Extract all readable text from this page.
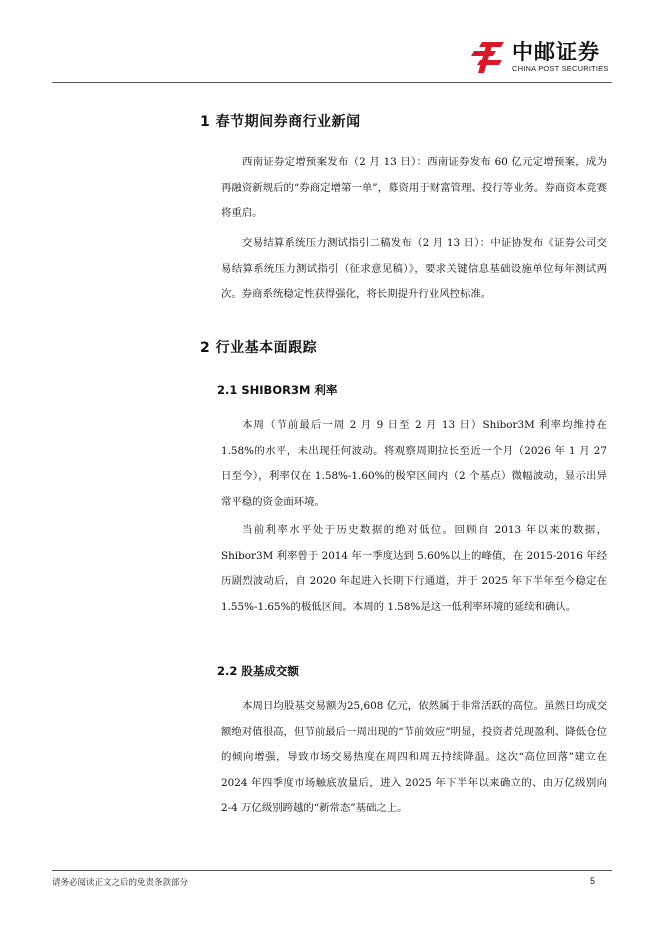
中邮证券
CHINA POST SECURITIES
1 春节期间券商行业新闻
西南证券定增预案发布（2 月 13 日）：西南证券发布 60 亿元定增预案，成为再融资新规后的“券商定增第一单”，募资用于财富管理、投行等业务。券商资本竞赛将重启。
交易结算系统压力测试指引二稿发布（2 月 13 日）：中证协发布《证券公司交易结算系统压力测试指引（征求意见稿）》，要求关键信息基础设施单位每年测试两次。券商系统稳定性获得强化，将长期提升行业风控标准。
2 行业基本面跟踪
2.1 SHIBOR3M 利率
本周（节前最后一周 2 月 9 日至 2 月 13 日）Shibor3M 利率均维持在 1.58%的水平，未出现任何波动。将观察周期拉长至近一个月（2026 年 1 月 27 日至今），利率仅在 1.58%-1.60%的极窄区间内（2 个基点）微幅波动，显示出异常平稳的资金面环境。
当前利率水平处于历史数据的绝对低位。回顾自 2013 年以来的数据，Shibor3M 利率曾于 2014 年一季度达到 5.60%以上的峰值，在 2015-2016 年经历剧烈波动后，自 2020 年起进入长期下行通道，并于 2025 年下半年至今稳定在 1.55%-1.65%的极低区间。本周的 1.58%是这一低利率环境的延续和确认。
2.2 股基成交额
本周日均股基交易额为25,608 亿元，依然属于非常活跃的高位。虽然日均成交额绝对值很高，但节前最后一周出现的“节前效应”明显，投资者兑现盈利、降低仓位的倾向增强，导致市场交易热度在周四和周五持续降温。这次“高位回落”建立在 2024 年四季度市场触底放量后，进入 2025 年下半年以来确立的、由万亿级别向 2-4 万亿级别跨越的“新常态”基础之上。
请务必阅读正文之后的免责条款部分	5
